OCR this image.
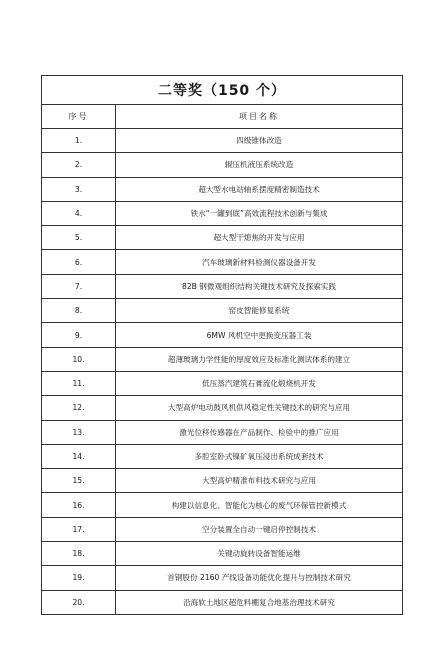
二等奖（150 个）	
序号	项目名称
1.	四级锥体改造
2.	辊压机液压系统改造
3.	超大型水电站轴系摆度精密制造技术
4.	铁水“一罐到底”高效流程技术创新与集成
5.	超大型干熄焦的开发与应用
6.	汽车玻璃新材料检测仪器设备开发
7.	82B 钢微观组织结构关键技术研究及探索实践
8.	窑皮智能修复系统
9.	6MW 风机空中更换变压器工装
10.	超薄玻璃力学性能的厚度效应及标准化测试体系的建立
11.	低压蒸汽建筑石膏流化煅烧机开发
12.	大型高炉电动鼓风机供风稳定性关键技术的研究与应用
13.	激光位移传感器在产品制作、检验中的推广应用
14.	多腔室卧式镍矿氧压浸出系统成套技术
15.	大型高炉精准布料技术研究与应用
16.	构建以信息化、智能化为核心的废气环保管控新模式
17.	空分装置全自动一键启停控制技术
18.	关键动旋转设备智能运维
19.	首钢股份 2160 产线设备功能优化提升与控制技术研究
20.	沿海软土地区超危料棚复合地基治理技术研究
